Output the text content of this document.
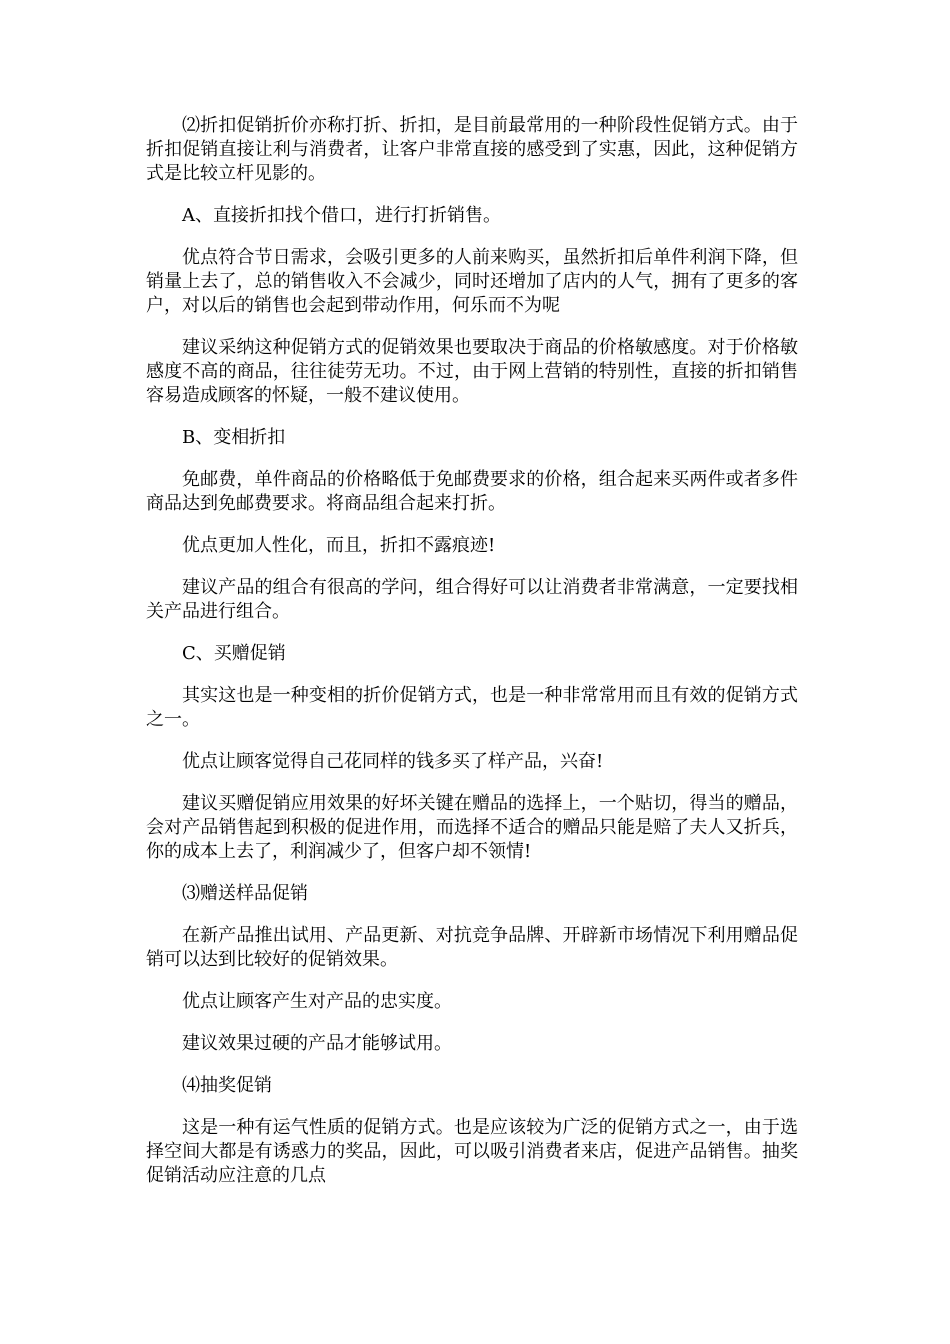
⑵折扣促销折价亦称打折、折扣，是目前最常用的一种阶段性促销方式。由于折扣促销直接让利与消费者，让客户非常直接的感受到了实惠，因此，这种促销方式是比较立杆见影的。

A、直接折扣找个借口，进行打折销售。

优点符合节日需求，会吸引更多的人前来购买，虽然折扣后单件利润下降，但销量上去了，总的销售收入不会减少，同时还增加了店内的人气，拥有了更多的客户，对以后的销售也会起到带动作用，何乐而不为呢

建议采纳这种促销方式的促销效果也要取决于商品的价格敏感度。对于价格敏感度不高的商品，往往徒劳无功。不过，由于网上营销的特别性，直接的折扣销售容易造成顾客的怀疑，一般不建议使用。

B、变相折扣

免邮费，单件商品的价格略低于免邮费要求的价格，组合起来买两件或者多件商品达到免邮费要求。将商品组合起来打折。

优点更加人性化，而且，折扣不露痕迹!

建议产品的组合有很高的学问，组合得好可以让消费者非常满意，一定要找相关产品进行组合。

C、买赠促销

其实这也是一种变相的折价促销方式，也是一种非常常用而且有效的促销方式之一。

优点让顾客觉得自己花同样的钱多买了样产品，兴奋!

建议买赠促销应用效果的好坏关键在赠品的选择上，一个贴切，得当的赠品，会对产品销售起到积极的促进作用，而选择不适合的赠品只能是赔了夫人又折兵，你的成本上去了，利润减少了，但客户却不领情!

⑶赠送样品促销

在新产品推出试用、产品更新、对抗竞争品牌、开辟新市场情况下利用赠品促销可以达到比较好的促销效果。

优点让顾客产生对产品的忠实度。

建议效果过硬的产品才能够试用。

⑷抽奖促销

这是一种有运气性质的促销方式。也是应该较为广泛的促销方式之一，由于选择空间大都是有诱惑力的奖品，因此，可以吸引消费者来店，促进产品销售。抽奖促销活动应注意的几点
